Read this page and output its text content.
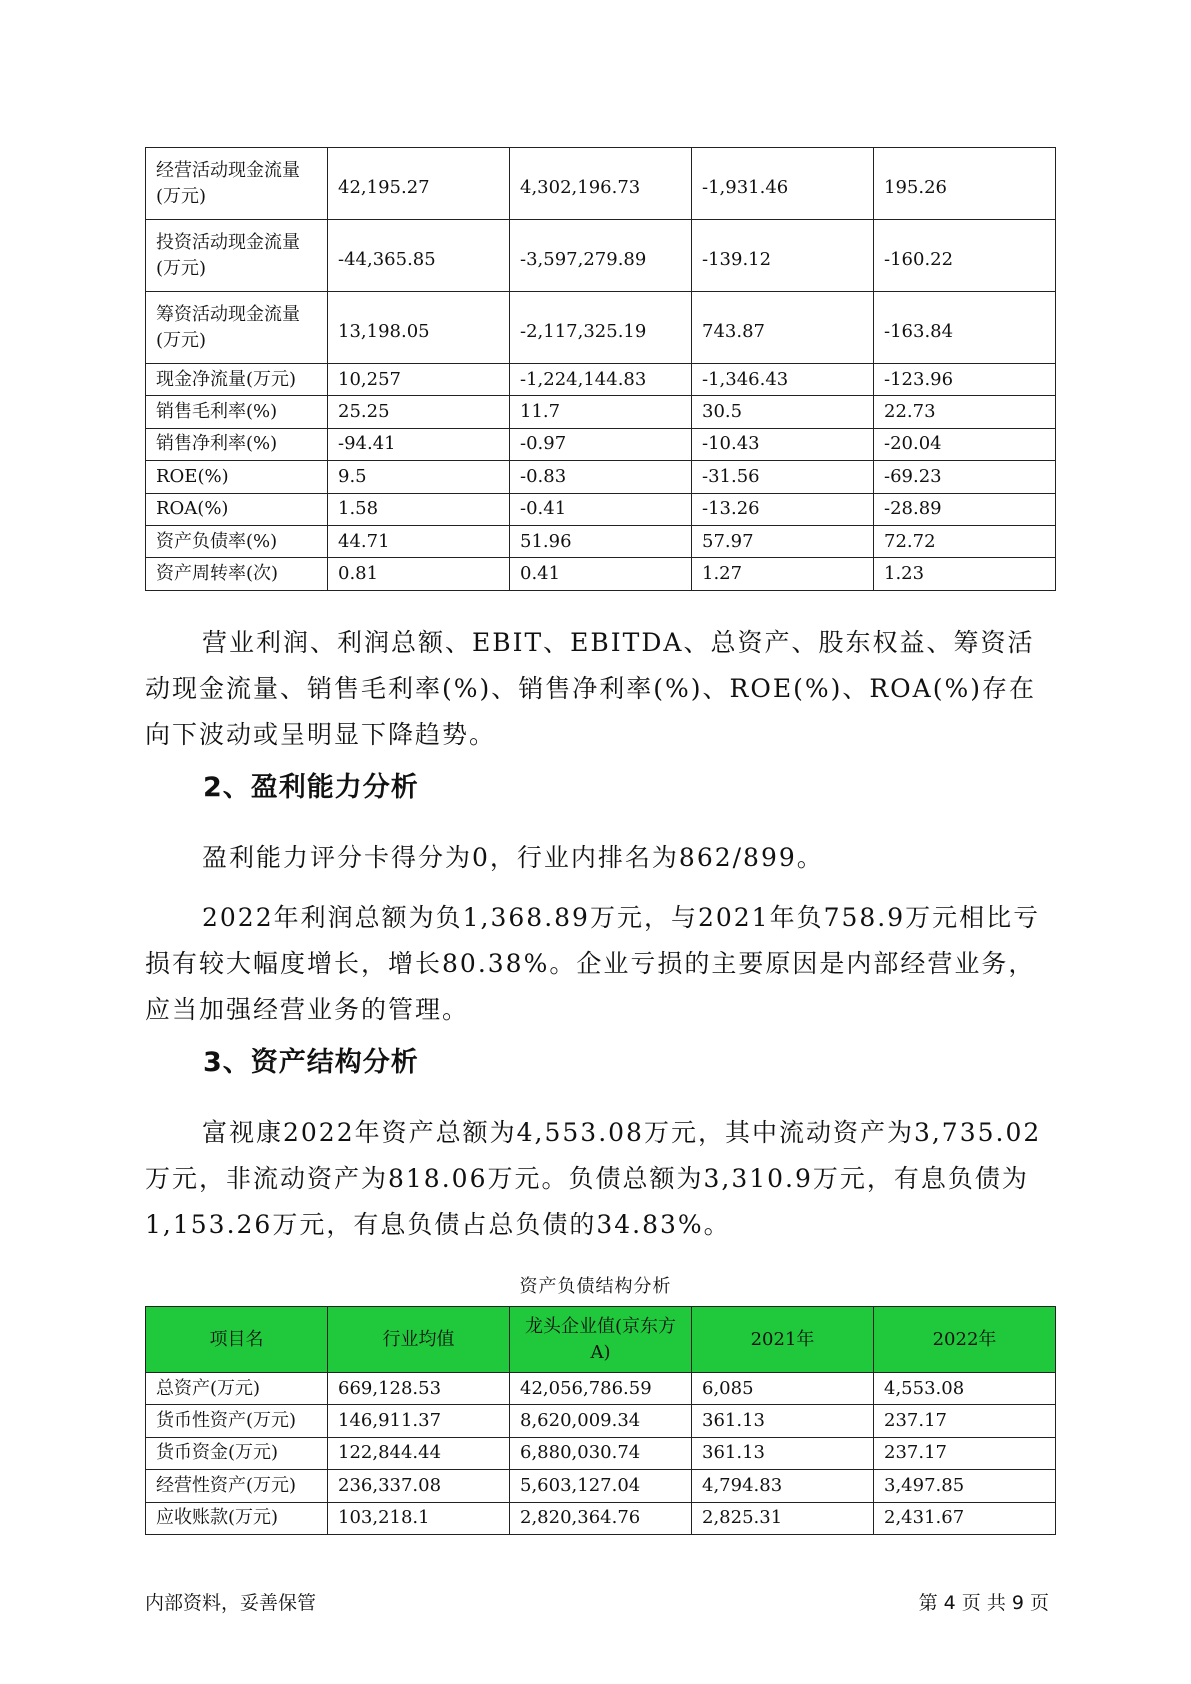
经营活动现金流量(万元)	42,195.27	4,302,196.73	-1,931.46	195.26
投资活动现金流量(万元)	-44,365.85	-3,597,279.89	-139.12	-160.22
筹资活动现金流量(万元)	13,198.05	-2,117,325.19	743.87	-163.84
现金净流量(万元)	10,257	-1,224,144.83	-1,346.43	-123.96
销售毛利率(%)	25.25	11.7	30.5	22.73
销售净利率(%)	-94.41	-0.97	-10.43	-20.04
ROE(%)	9.5	-0.83	-31.56	-69.23
ROA(%)	1.58	-0.41	-13.26	-28.89
资产负债率(%)	44.71	51.96	57.97	72.72
资产周转率(次)	0.81	0.41	1.27	1.23

营业利润、利润总额、EBIT、EBITDA、总资产、股东权益、筹资活动现金流量、销售毛利率(%)、销售净利率(%)、ROE(%)、ROA(%)存在向下波动或呈明显下降趋势。

2、盈利能力分析

盈利能力评分卡得分为0，行业内排名为862/899。

2022年利润总额为负1,368.89万元，与2021年负758.9万元相比亏损有较大幅度增长，增长80.38%。企业亏损的主要原因是内部经营业务，应当加强经营业务的管理。

3、资产结构分析

富视康2022年资产总额为4,553.08万元，其中流动资产为3,735.02万元，非流动资产为818.06万元。负债总额为3,310.9万元，有息负债为1,153.26万元，有息负债占总负债的34.83%。

资产负债结构分析
项目名	行业均值	龙头企业值(京东方A)	2021年	2022年
总资产(万元)	669,128.53	42,056,786.59	6,085	4,553.08
货币性资产(万元)	146,911.37	8,620,009.34	361.13	237.17
货币资金(万元)	122,844.44	6,880,030.74	361.13	237.17
经营性资产(万元)	236,337.08	5,603,127.04	4,794.83	3,497.85
应收账款(万元)	103,218.1	2,820,364.76	2,825.31	2,431.67
内部资料，妥善保管	第 4 页 共 9 页
